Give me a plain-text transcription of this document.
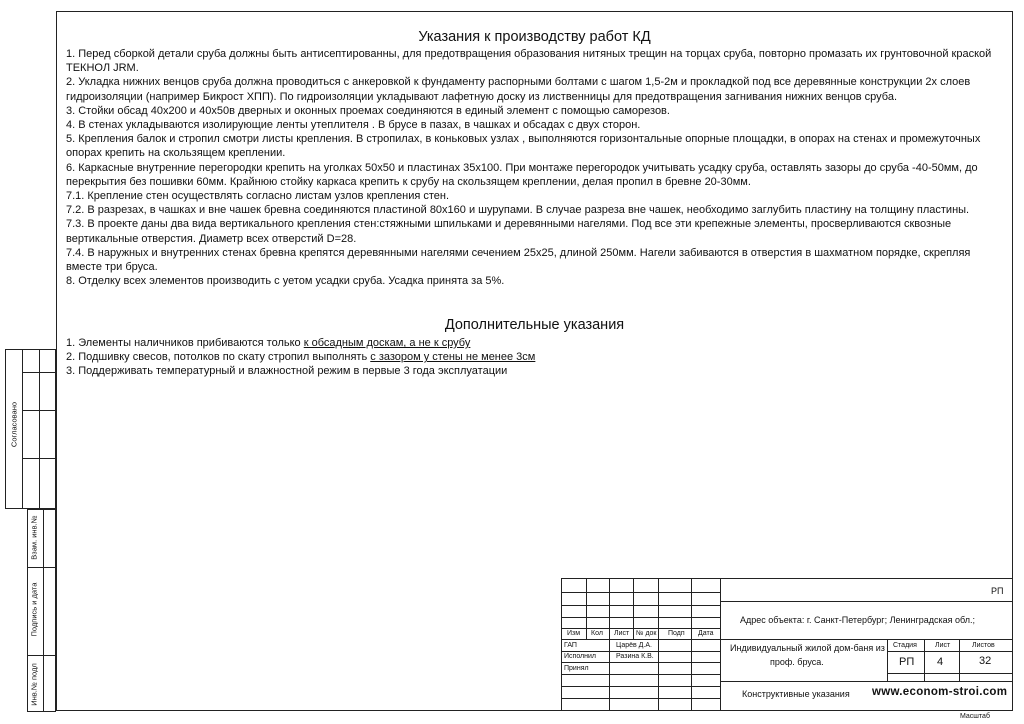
Согласовано
Взам. инв.№
Подпись и дата
Инв.№ подл
Указания к производству работ КД

1. Перед сборкой детали сруба должны быть антисептированны, для предотвращения образования нитяных трещин на торцах сруба, повторно промазать их грунтовочной краской ТЕКНОЛ JRM.

2. Укладка нижних венцов сруба должна проводиться с анкеровкой к фундаменту распорными болтами с шагом 1,5-2м и прокладкой под все деревянные конструкции 2х слоев гидроизоляции (например Бикрост ХПП). По гидроизоляции укладывают лафетную доску из лиственницы для предотвращения загнивания нижних венцов сруба.

3. Стойки обсад 40х200 и 40х50в дверных и оконных проемах соединяются в единый элемент с помощью саморезов.

4. В стенах укладываются изолирующие ленты утеплителя . В брусе в пазах, в чашках и обсадах с двух сторон.

5. Крепления балок и стропил смотри листы крепления. В стропилах, в коньковых узлах , выполняются горизонтальные опорные площадки, в опорах на стенах и промежуточных опорах крепить на скользящем креплении.

6. Каркасные внутренние перегородки крепить на уголках 50х50 и пластинах 35х100. При монтаже перегородок учитывать усадку сруба, оставлять зазоры до сруба -40-50мм, до перекрытия без пошивки 60мм. Крайнюю стойку каркаса крепить к срубу на скользящем креплении, делая пропил в бревне 20-30мм.

7.1. Крепление стен осуществлять согласно листам узлов крепления стен.

7.2. В разрезах, в чашках и вне чашек бревна соединяются пластиной 80х160 и шурупами. В случае разреза вне чашек, необходимо заглубить пластину на толщину пластины.

7.3. В проекте даны два вида вертикального крепления стен:стяжными шпильками и деревянными нагелями. Под все эти крепежные элементы, просверливаются сквозные вертикальные отверстия. Диаметр всех отверстий D=28.

7.4. В наружных и внутренних стенах бревна крепятся деревянными нагелями сечением 25х25, длиной 250мм. Нагели забиваются в отверстия в шахматном порядке, скрепляя вместе три бруса.

8. Отделку всех элементов производить с уетом усадки сруба. Усадка принята за 5%.

Дополнительные указания

1. Элементы наличников прибиваются только к обсадным доскам, а не к срубу

2. Подшивку свесов, потолков по скату стропил выполнять с зазором у стены не менее 3см

3. Поддерживать температурный и влажностной режим в первые 3 года эксплуатации

Изм Кол Лист № док Подп Дата
ГАП	Царёв Д.А.
Исполнил	Разина К.В.
Принял
РП
Адрес объекта: г. Санкт-Петербург; Ленинградская обл.;
Индивидуальный жилой дом-баня из
проф. бруса.
Стадия	Лист	Листов
РП 4	32
Конструктивные указания www.econom-stroi.com
Масштаб
